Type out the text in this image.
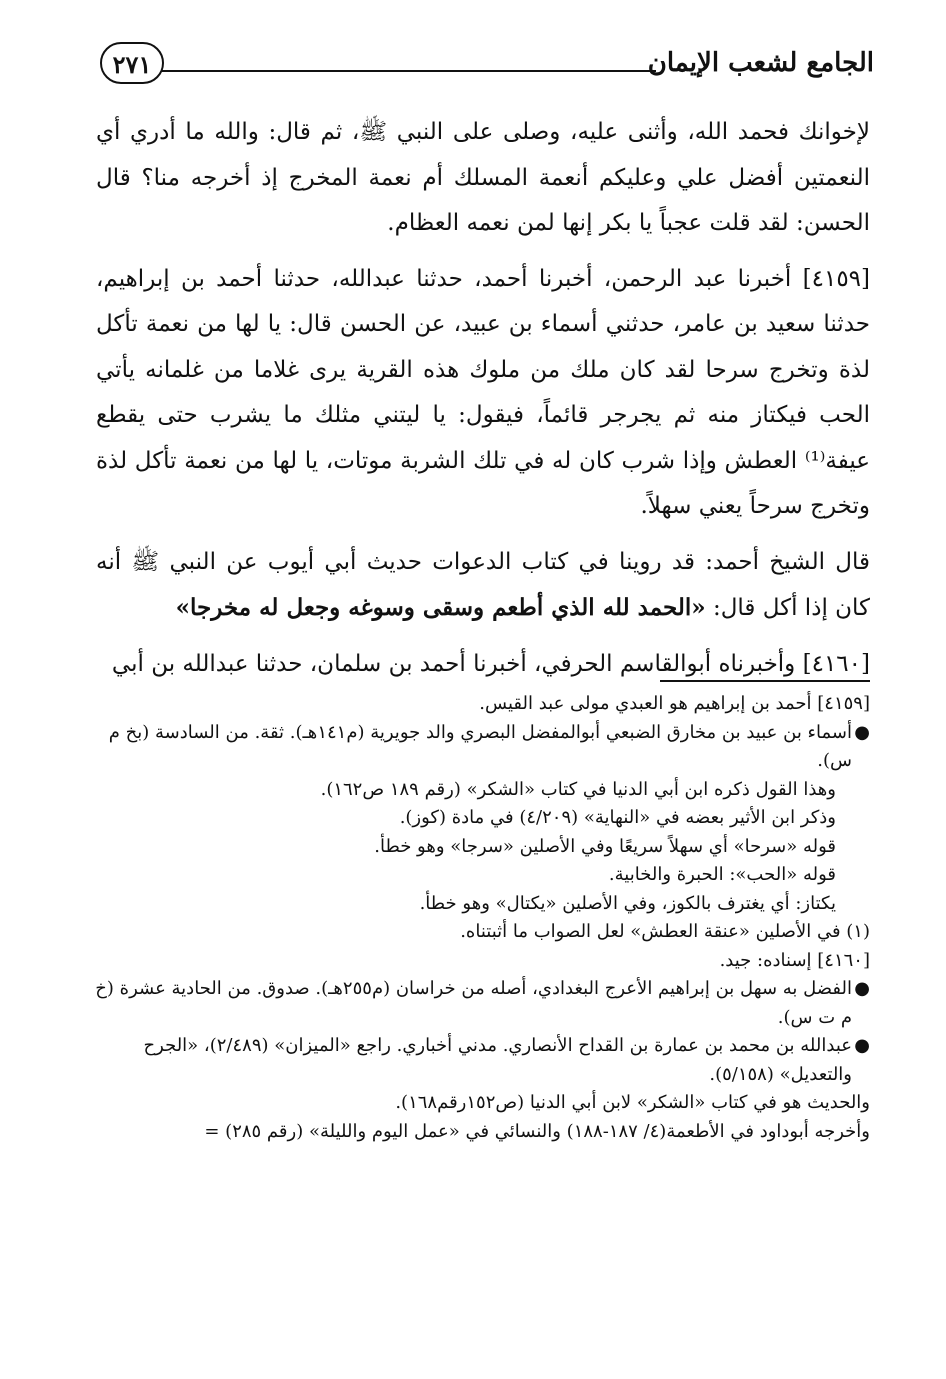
الجامع لشعب الإيمان
٢٧١

لإخوانك فحمد الله، وأثنى عليه، وصلى على النبي ﷺ، ثم قال: والله ما أدري أي النعمتين أفضل علي وعليكم أنعمة المسلك أم نعمة المخرج إذ أخرجه منا؟ قال الحسن: لقد قلت عجباً يا بكر إنها لمن نعمه العظام.

[٤١٥٩] أخبرنا عبد الرحمن، أخبرنا أحمد، حدثنا عبدالله، حدثنا أحمد بن إبراهيم، حدثنا سعيد بن عامر، حدثني أسماء بن عبيد، عن الحسن قال: يا لها من نعمة تأكل لذة وتخرج سرحا لقد كان ملك من ملوك هذه القرية يرى غلاما من غلمانه يأتي الحب فيكتاز منه ثم يجرجر قائماً، فيقول: يا ليتني مثلك ما يشرب حتى يقطع عيفة⁽¹⁾ العطش وإذا شرب كان له في تلك الشربة موتات، يا لها من نعمة تأكل لذة وتخرج سرحاً يعني سهلاً.

قال الشيخ أحمد: قد روينا في كتاب الدعوات حديث أبي أيوب عن النبي ﷺ أنه كان إذا أكل قال: «الحمد لله الذي أطعم وسقى وسوغه وجعل له مخرجا»

[٤١٦٠] وأخبرناه أبوالقاسم الحرفي، أخبرنا أحمد بن سلمان، حدثنا عبدالله بن أبي

[٤١٥٩] أحمد بن إبراهيم هو العبدي مولى عبد القيس.

●
أسماء بن عبيد بن مخارق الضبعي أبوالمفضل البصري والد جويرية (م١٤١هـ). ثقة. من السادسة (بخ م س).

وهذا القول ذكره ابن أبي الدنيا في كتاب «الشكر» (رقم ١٨٩ ص١٦٢).

وذكر ابن الأثير بعضه في «النهاية» (٤/٢٠٩) في مادة (كوز).

قوله «سرحا» أي سهلاً سريعًا وفي الأصلين «سرجا» وهو خطأ.

قوله «الحب»: الحبرة والخابية.

يكتاز: أي يغترف بالكوز، وفي الأصلين «يكتال» وهو خطأ.

(١) في الأصلين «عنقة العطش» لعل الصواب ما أثبتناه.

[٤١٦٠] إسناده: جيد.

●
الفضل به سهل بن إبراهيم الأعرج البغدادي، أصله من خراسان (م٢٥٥هـ). صدوق. من الحادية عشرة (خ م ت س).

●
عبدالله بن محمد بن عمارة بن القداح الأنصاري. مدني أخباري. راجع «الميزان» (٢/٤٨٩)، «الجرح والتعديل» (٥/١٥٨).

والحديث هو في كتاب «الشكر» لابن أبي الدنيا (ص١٥٢رقم١٦٨).

وأخرجه أبوداود في الأطعمة(٤/ ١٨٧-١٨٨) والنسائي في «عمل اليوم والليلة» (رقم ٢٨٥) =
